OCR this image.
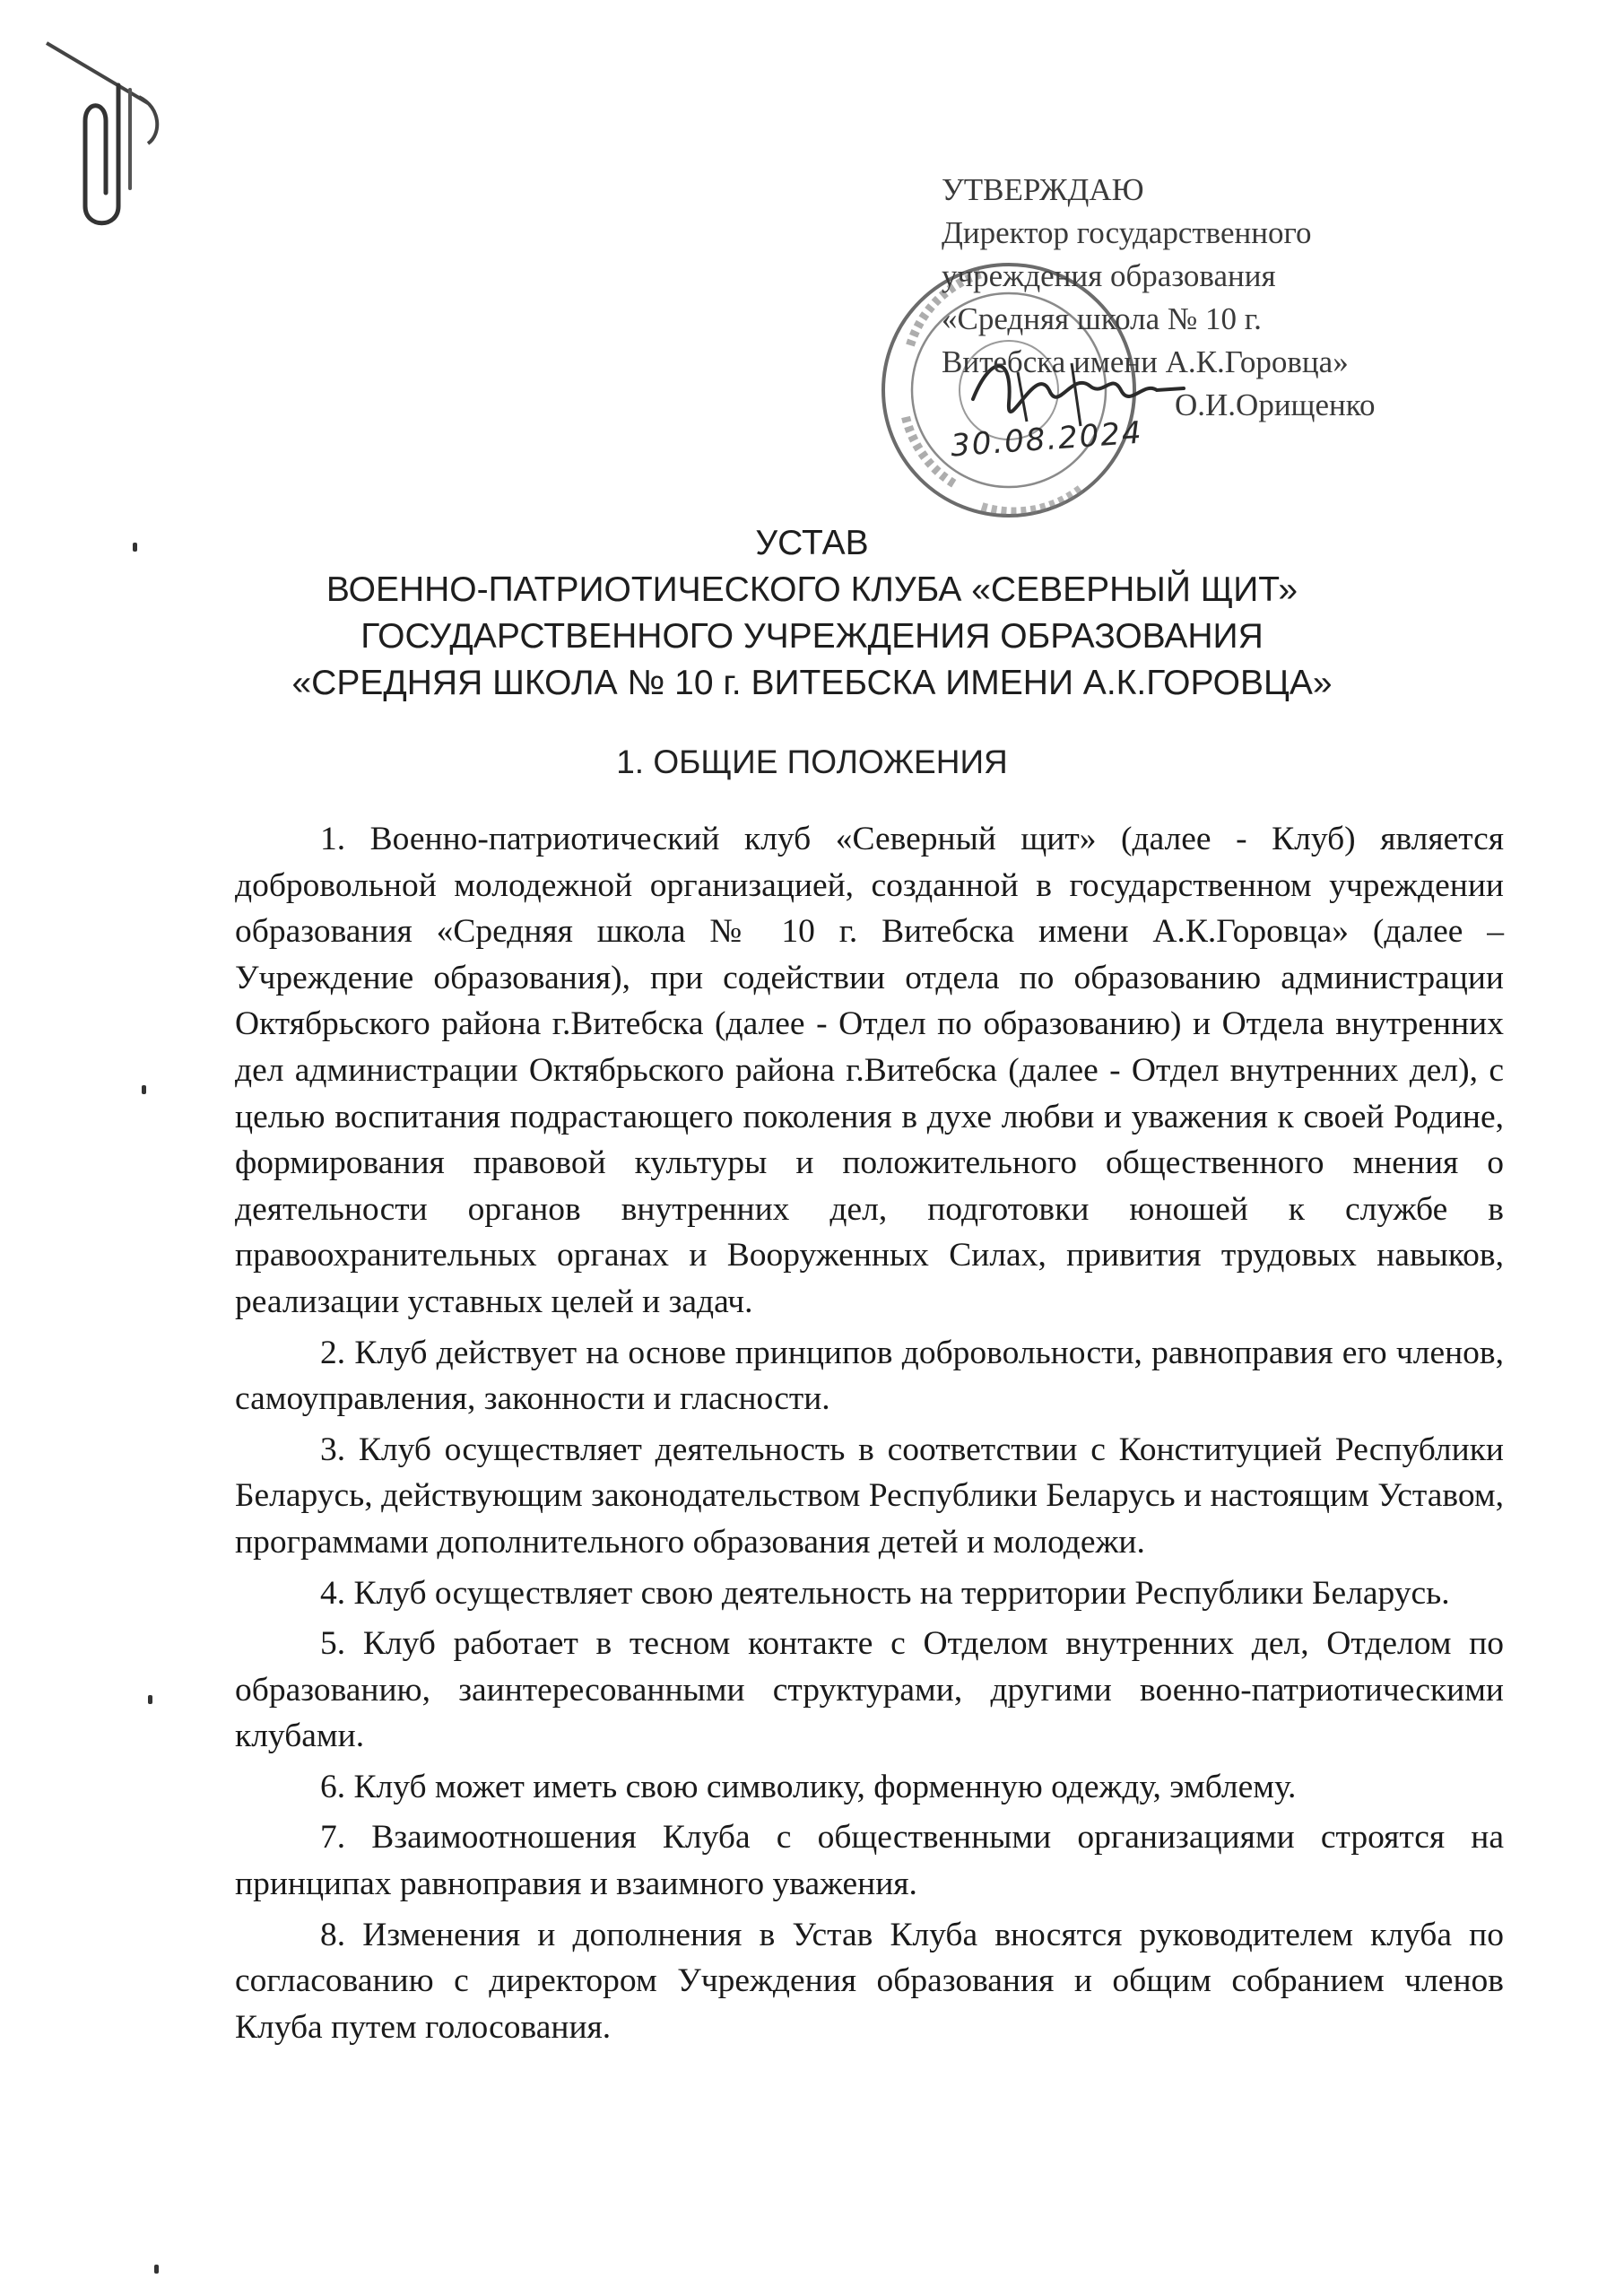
30.08.2024
УТВЕРЖДАЮ
Директор государственного
учреждения образования
«Средняя школа № 10 г.
Витебска имени А.К.Горовца»
О.И.Орищенко
УСТАВ
ВОЕННО-ПАТРИОТИЧЕСКОГО КЛУБА «СЕВЕРНЫЙ ЩИТ»
ГОСУДАРСТВЕННОГО УЧРЕЖДЕНИЯ ОБРАЗОВАНИЯ
«СРЕДНЯЯ ШКОЛА № 10 г. ВИТЕБСКА ИМЕНИ А.К.ГОРОВЦА»
1. ОБЩИЕ ПОЛОЖЕНИЯ

1. Военно-патриотический клуб «Северный щит» (далее - Клуб) является добровольной молодежной организацией, созданной в государственном учреждении образования «Средняя школа № 10 г. Витебска имени А.К.Горовца» (далее – Учреждение образования), при содействии отдела по образованию администрации Октябрьского района г.Витебска (далее - Отдел по образованию) и Отдела внутренних дел администрации Октябрьского района г.Витебска (далее - Отдел внутренних дел), с целью воспитания подрастающего поколения в духе любви и уважения к своей Родине, формирования правовой культуры и положительного общественного мнения о деятельности органов внутренних дел, подготовки юношей к службе в правоохранительных органах и Вооруженных Силах, привития трудовых навыков, реализации уставных целей и задач.

2. Клуб действует на основе принципов добровольности, равноправия его членов, самоуправления, законности и гласности.

3. Клуб осуществляет деятельность в соответствии с Конституцией Республики Беларусь, действующим законодательством Республики Беларусь и настоящим Уставом, программами дополнительного образования детей и молодежи.

4. Клуб осуществляет свою деятельность на территории Республики Беларусь.

5. Клуб работает в тесном контакте с Отделом внутренних дел, Отделом по образованию, заинтересованными структурами, другими военно-патриотическими клубами.

6. Клуб может иметь свою символику, форменную одежду, эмблему.

7. Взаимоотношения Клуба с общественными организациями строятся на принципах равноправия и взаимного уважения.

8. Изменения и дополнения в Устав Клуба вносятся руководителем клуба по согласованию с директором Учреждения образования и общим собранием членов Клуба путем голосования.
